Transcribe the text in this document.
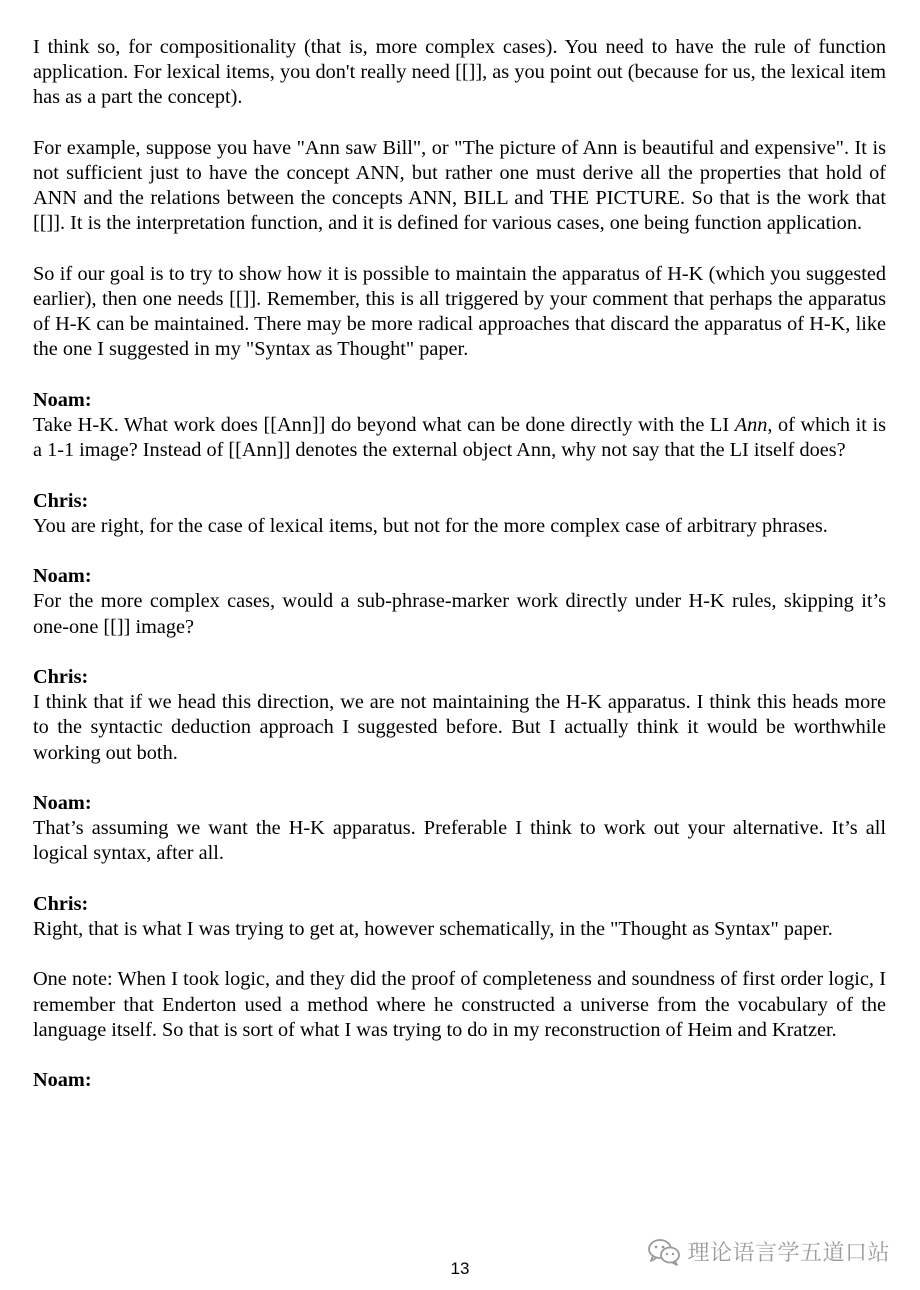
I think so, for compositionality (that is, more complex cases). You need to have the rule of function application. For lexical items, you don't really need [[]], as you point out (because for us, the lexical item has as a part the concept).

For example, suppose you have "Ann saw Bill", or "The picture of Ann is beautiful and expensive". It is not sufficient just to have the concept ANN, but rather one must derive all the properties that hold of ANN and the relations between the concepts ANN, BILL and THE PICTURE. So that is the work that [[]]. It is the interpretation function, and it is defined for various cases, one being function application.

So if our goal is to try to show how it is possible to maintain the apparatus of H-K (which you suggested earlier), then one needs [[]]. Remember, this is all triggered by your comment that perhaps the apparatus of H-K can be maintained. There may be more radical approaches that discard the apparatus of H-K, like the one I suggested in my "Syntax as Thought" paper.

Noam:

Take H-K. What work does [[Ann]] do beyond what can be done directly with the LI Ann, of which it is a 1-1 image? Instead of [[Ann]] denotes the external object Ann, why not say that the LI itself does?

Chris:

You are right, for the case of lexical items, but not for the more complex case of arbitrary phrases.

Noam:

For the more complex cases, would a sub-phrase-marker work directly under H-K rules, skipping it’s one-one [[]] image?

Chris:

I think that if we head this direction, we are not maintaining the H-K apparatus. I think this heads more to the syntactic deduction approach I suggested before. But I actually think it would be worthwhile working out both.

Noam:

That’s assuming we want the H-K apparatus. Preferable I think to work out your alternative. It’s all logical syntax, after all.

Chris:

Right, that is what I was trying to get at, however schematically, in the "Thought as Syntax" paper.

One note: When I took logic, and they did the proof of completeness and soundness of first order logic, I remember that Enderton used a method where he constructed a universe from the vocabulary of the language itself. So that is sort of what I was trying to do in my reconstruction of Heim and Kratzer.

Noam:

理论语言学五道口站
13
